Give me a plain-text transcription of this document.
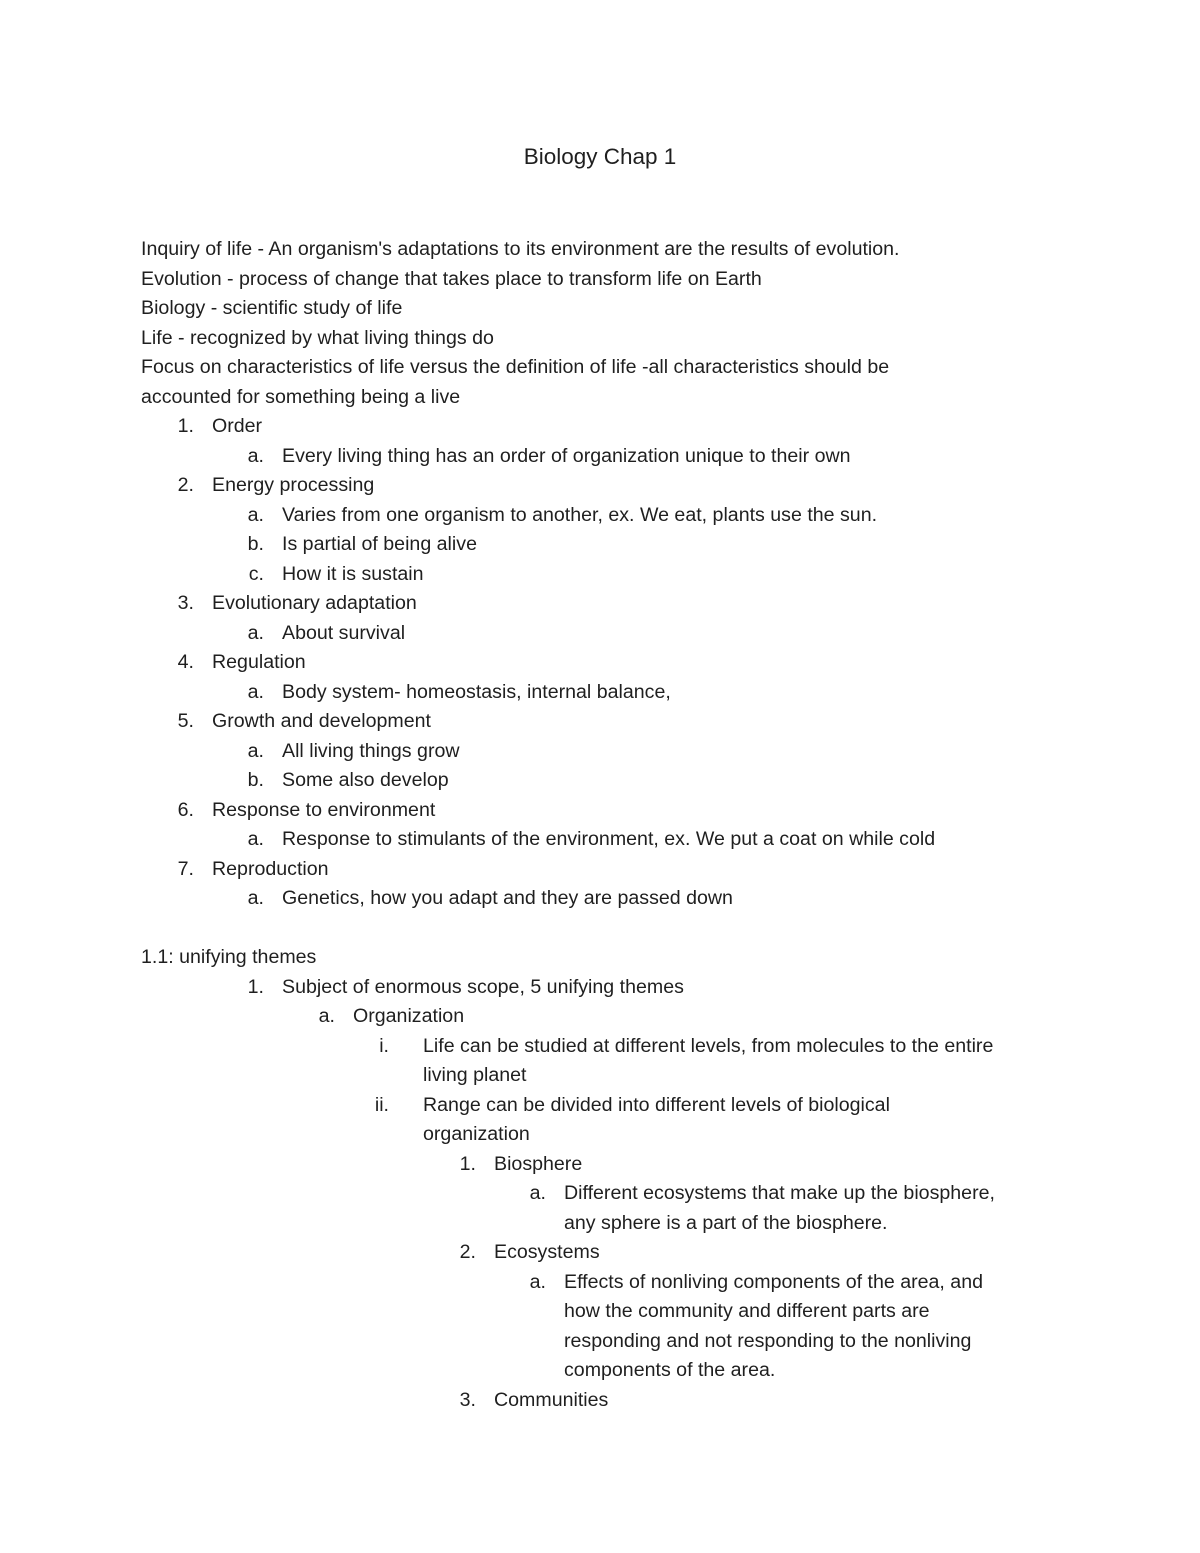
Biology Chap 1
Inquiry of life - An organism's adaptations to its environment are the results of evolution.
Evolution - process of change that takes place to transform life on Earth
Biology - scientific study of life
Life - recognized by what living things do
Focus on characteristics of life versus the definition of life -all characteristics should be
accounted for something being a live
1. Order
a. Every living thing has an order of organization unique to their own
2. Energy processing
a. Varies from one organism to another, ex. We eat, plants use the sun.
b. Is partial of being alive
c. How it is sustain
3. Evolutionary adaptation
a. About survival
4. Regulation
a. Body system- homeostasis, internal balance,
5. Growth and development
a. All living things grow
b. Some also develop
6. Response to environment
a. Response to stimulants of the environment, ex. We put a coat on while cold
7. Reproduction
a. Genetics, how you adapt and they are passed down
1.1: unifying themes
1. Subject of enormous scope, 5 unifying themes
a. Organization
i. Life can be studied at different levels, from molecules to the entire
living planet
ii. Range can be divided into different levels of biological
organization
1. Biosphere
a. Different ecosystems that make up the biosphere,
any sphere is a part of the biosphere.
2. Ecosystems
a. Effects of nonliving components of the area, and
how the community and different parts are
responding and not responding to the nonliving
components of the area.
3. Communities
